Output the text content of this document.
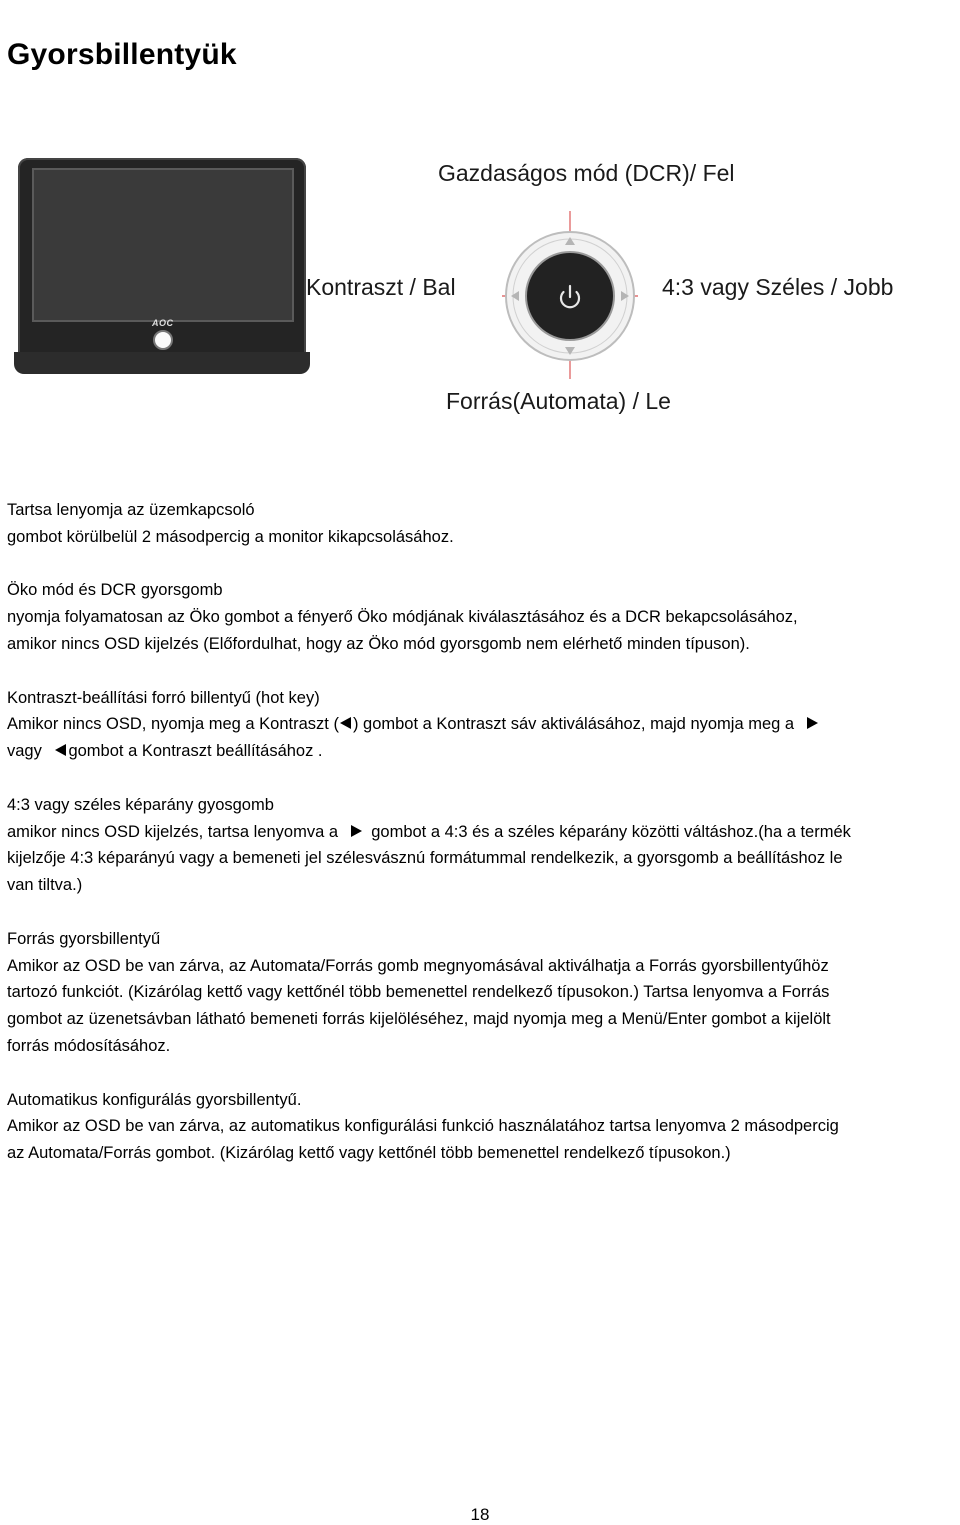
Gyorsbillentyük
AOC
Gazdaságos mód (DCR)/ Fel
Kontraszt / Bal	4:3 vagy Széles / Jobb
Forrás(Automata) / Le

Tartsa lenyomja az üzemkapcsoló
gombot körülbelül 2 másodpercig a monitor kikapcsolásához.

Öko mód és DCR gyorsgomb
nyomja folyamatosan az Öko gombot a fényerő Öko módjának kiválasztásához és a DCR bekapcsolásához,
amikor nincs OSD kijelzés (Előfordulhat, hogy az Öko mód gyorsgomb nem elérhető minden típuson).

Kontraszt-beállítási forró billentyű (hot key)
Amikor nincs OSD, nyomja meg a Kontraszt ( ) gombot a Kontraszt sáv aktiválásához, majd nyomja meg a
vagy gombot a Kontraszt beállításához .

4:3 vagy széles képarány gyosgomb
amikor nincs OSD kijelzés, tartsa lenyomva a gombot a 4:3 és a széles képarány közötti váltáshoz.(ha a termék
kijelzője 4:3 képarányú vagy a bemeneti jel szélesvásznú formátummal rendelkezik, a gyorsgomb a beállításhoz le
van tiltva.)

Forrás gyorsbillentyű
Amikor az OSD be van zárva, az Automata/Forrás gomb megnyomásával aktiválhatja a Forrás gyorsbillentyűhöz
tartozó funkciót. (Kizárólag kettő vagy kettőnél több bemenettel rendelkező típusokon.) Tartsa lenyomva a Forrás
gombot az üzenetsávban látható bemeneti forrás kijelöléséhez, majd nyomja meg a Menü/Enter gombot a kijelölt
forrás módosításához.

Automatikus konfigurálás gyorsbillentyű.
Amikor az OSD be van zárva, az automatikus konfigurálási funkció használatához tartsa lenyomva 2 másodpercig
az Automata/Forrás gombot. (Kizárólag kettő vagy kettőnél több bemenettel rendelkező típusokon.)

18
